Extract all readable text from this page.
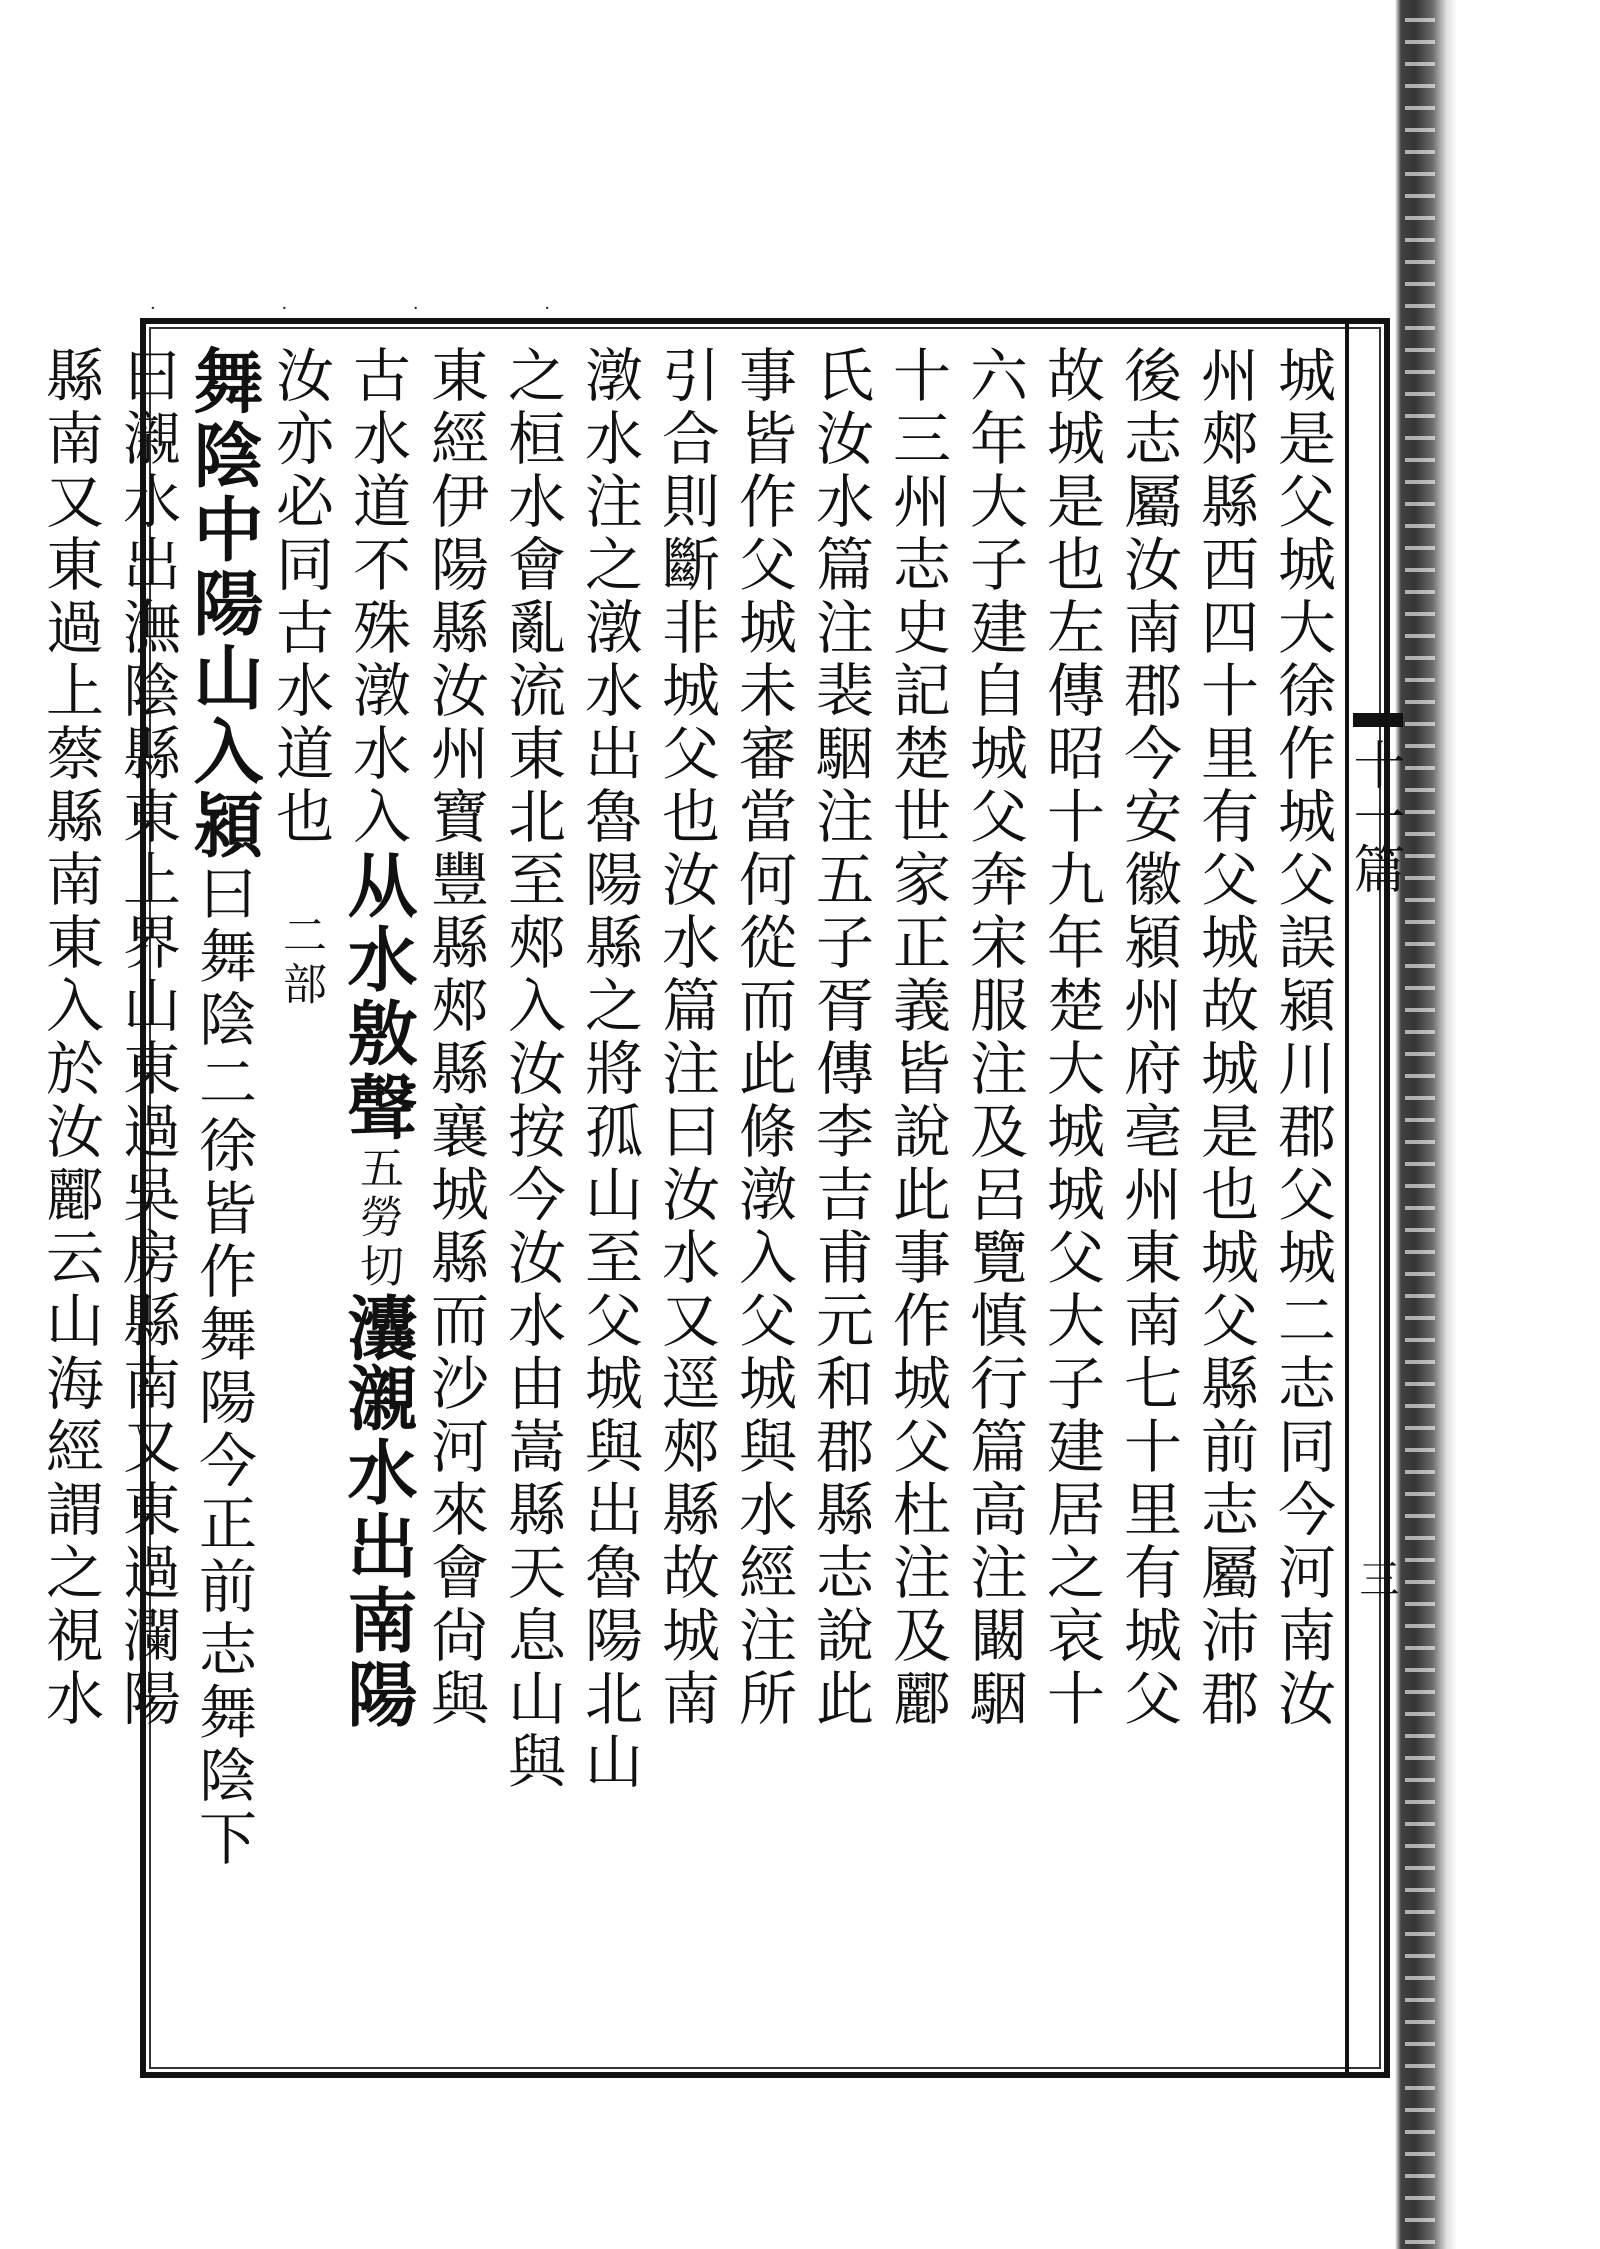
· · · ·
十一篇
三
城是父城大徐作城父誤潁川郡父城二志同今河南汝
州郟縣西四十里有父城故城是也城父縣前志屬沛郡
後志屬汝南郡今安徽潁州府亳州東南七十里有城父
故城是也左傳昭十九年楚大城城父大子建居之哀十
六年大子建自城父奔宋服注及呂覽慎行篇高注闞駰
十三州志史記楚世家正義皆說此事作城父杜注及酈
氏汝水篇注裴駰注五子胥傳李吉甫元和郡縣志說此
事皆作父城未審當何從而此條潡入父城與水經注所
引合則斷非城父也汝水篇注曰汝水又逕郟縣故城南
潡水注之潡水出魯陽縣之將孤山至父城與出魯陽北山
之桓水會亂流東北至郟入汝按今汝水由嵩縣天息山與
東經伊陽縣汝州寶豐縣郟縣襄城縣而沙河來會尙與
古水道不殊潡水入从水敫聲五勞切灢瀙水出南陽
汝亦必同古水道也　二部
舞陰中陽山入潁曰舞陰二徐皆作舞陽今正前志舞陰下
曰瀙水出潕陰縣東上界山東過吳房縣南又東過瀾陽
縣南又東過上蔡縣南東入於汝酈云山海經謂之視水
